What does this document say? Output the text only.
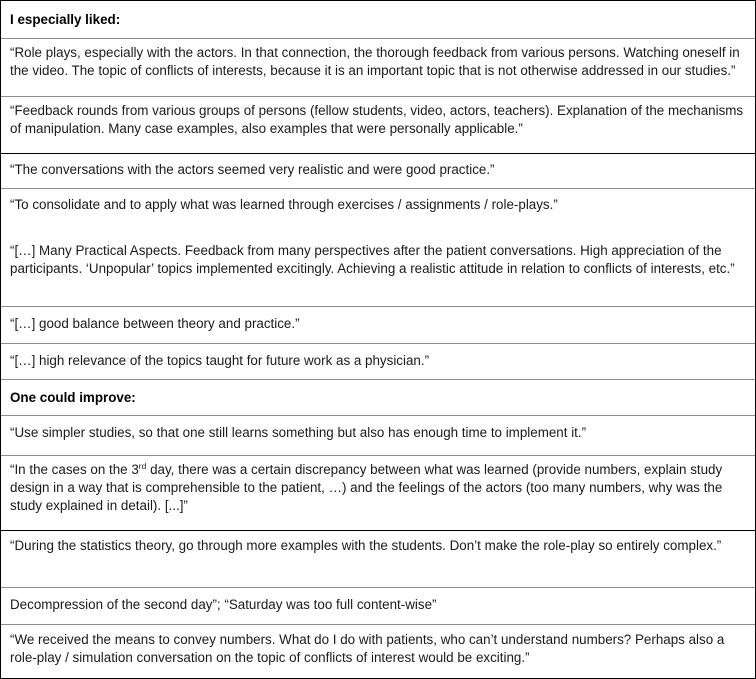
I especially liked:
“Role plays, especially with the actors. In that connection, the thorough feedback from various persons. Watching oneself in the video. The topic of conflicts of interests, because it is an important topic that is not otherwise addressed in our studies.”
“Feedback rounds from various groups of persons (fellow students, video, actors, teachers). Explanation of the mechanisms of manipulation. Many case examples, also examples that were personally applicable.”
“The conversations with the actors seemed very realistic and were good practice.”
“To consolidate and to apply what was learned through exercises / assignments / role-plays.”
“[…] Many Practical Aspects. Feedback from many perspectives after the patient conversations. High appreciation of the participants. ‘Unpopular’ topics implemented excitingly. Achieving a realistic attitude in relation to conflicts of interests, etc.”
“[…] good balance between theory and practice.”
“[…] high relevance of the topics taught for future work as a physician.”
One could improve:
“Use simpler studies, so that one still learns something but also has enough time to implement it.”
“In the cases on the 3rd day, there was a certain discrepancy between what was learned (provide numbers, explain study design in a way that is comprehensible to the patient, …) and the feelings of the actors (too many numbers, why was the study explained in detail). [...]”
“During the statistics theory, go through more examples with the students. Don’t make the role-play so entirely complex.”
Decompression of the second day”; “Saturday was too full content-wise”
“We received the means to convey numbers. What do I do with patients, who can’t understand numbers? Perhaps also a role-play / simulation conversation on the topic of conflicts of interest would be exciting.”
